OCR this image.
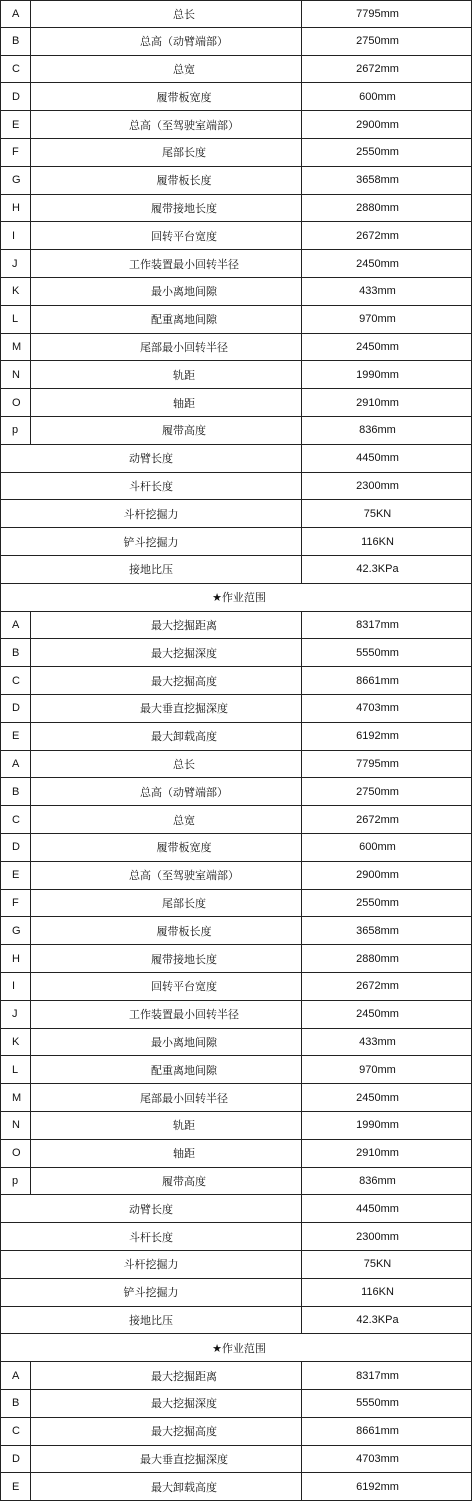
A	总长	7795mm
B	总高（动臂端部）	2750mm
C	总宽	2672mm
D	履带板宽度	600mm
E	总高（至驾驶室端部）	2900mm
F	尾部长度	2550mm
G	履带板长度	3658mm
H	履带接地长度	2880mm
I	回转平台宽度	2672mm
J	工作装置最小回转半径	2450mm
K	最小离地间隙	433mm
L	配重离地间隙	970mm
M	尾部最小回转半径	2450mm
N	轨距	1990mm
O	轴距	2910mm
p	履带高度	836mm
动臂长度	4450mm
斗杆长度	2300mm
斗杆挖掘力	75KN
铲斗挖掘力	116KN
接地比压	42.3KPa
★作业范围
A	最大挖掘距离	8317mm
B	最大挖掘深度	5550mm
C	最大挖掘高度	8661mm
D	最大垂直挖掘深度	4703mm
E	最大卸载高度	6192mm
A	总长	7795mm
B	总高（动臂端部）	2750mm
C	总宽	2672mm
D	履带板宽度	600mm
E	总高（至驾驶室端部）	2900mm
F	尾部长度	2550mm
G	履带板长度	3658mm
H	履带接地长度	2880mm
I	回转平台宽度	2672mm
J	工作装置最小回转半径	2450mm
K	最小离地间隙	433mm
L	配重离地间隙	970mm
M	尾部最小回转半径	2450mm
N	轨距	1990mm
O	轴距	2910mm
p	履带高度	836mm
动臂长度	4450mm
斗杆长度	2300mm
斗杆挖掘力	75KN
铲斗挖掘力	116KN
接地比压	42.3KPa
★作业范围
A	最大挖掘距离	8317mm
B	最大挖掘深度	5550mm
C	最大挖掘高度	8661mm
D	最大垂直挖掘深度	4703mm
E	最大卸载高度	6192mm
